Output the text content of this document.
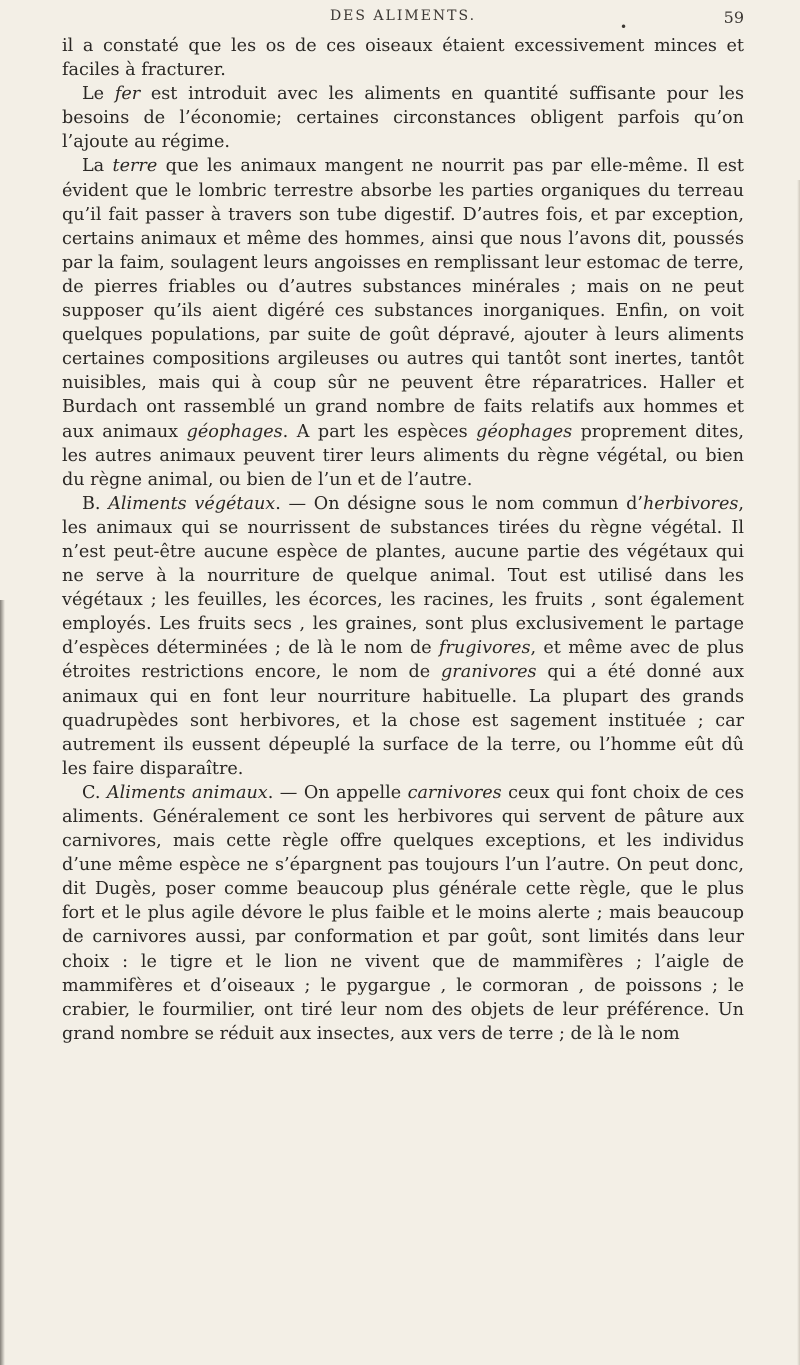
DES ALIMENTS.
•	59

il a constaté que les os de ces oiseaux étaient excessivement minces et faciles à fracturer.

Le fer est introduit avec les aliments en quantité suffisante pour les besoins de l’économie; certaines circonstances obligent parfois qu’on l’ajoute au régime.

La terre que les animaux mangent ne nourrit pas par elle-même. Il est évident que le lombric terrestre absorbe les parties organiques du terreau qu’il fait passer à travers son tube digestif. D’autres fois, et par exception, certains animaux et même des hommes, ainsi que nous l’avons dit, poussés par la faim, soulagent leurs angoisses en remplissant leur estomac de terre, de pierres friables ou d’autres substances minérales ; mais on ne peut supposer qu’ils aient digéré ces substances inorganiques. Enfin, on voit quelques populations, par suite de goût dépravé, ajouter à leurs aliments certaines compositions argileuses ou autres qui tantôt sont inertes, tantôt nuisibles, mais qui à coup sûr ne peuvent être réparatrices. Haller et Burdach ont rassemblé un grand nombre de faits relatifs aux hommes et aux animaux géophages. A part les espèces géophages proprement dites, les autres animaux peuvent tirer leurs aliments du règne végétal, ou bien du règne animal, ou bien de l’un et de l’autre.

B. Aliments végétaux. — On désigne sous le nom commun d’herbivores, les animaux qui se nourrissent de substances tirées du règne végétal. Il n’est peut-être aucune espèce de plantes, aucune partie des végétaux qui ne serve à la nourriture de quelque animal. Tout est utilisé dans les végétaux ; les feuilles, les écorces, les racines, les fruits , sont également employés. Les fruits secs , les graines, sont plus exclusivement le partage d’espèces déterminées ; de là le nom de frugivores, et même avec de plus étroites restrictions encore, le nom de granivores qui a été donné aux animaux qui en font leur nourriture habituelle. La plupart des grands quadrupèdes sont herbivores, et la chose est sagement instituée ; car autrement ils eussent dépeuplé la surface de la terre, ou l’homme eût dû les faire disparaître.

C. Aliments animaux. — On appelle carnivores ceux qui font choix de ces aliments. Généralement ce sont les herbivores qui servent de pâture aux carnivores, mais cette règle offre quelques exceptions, et les individus d’une même espèce ne s’épargnent pas toujours l’un l’autre. On peut donc, dit Dugès, poser comme beaucoup plus générale cette règle, que le plus fort et le plus agile dévore le plus faible et le moins alerte ; mais beaucoup de carnivores aussi, par conformation et par goût, sont limités dans leur choix : le tigre et le lion ne vivent que de mammifères ; l’aigle de mammifères et d’oiseaux ; le pygargue , le cormoran , de poissons ; le crabier, le fourmilier, ont tiré leur nom des objets de leur préférence. Un grand nombre se réduit aux insectes, aux vers de terre ; de là le nom
